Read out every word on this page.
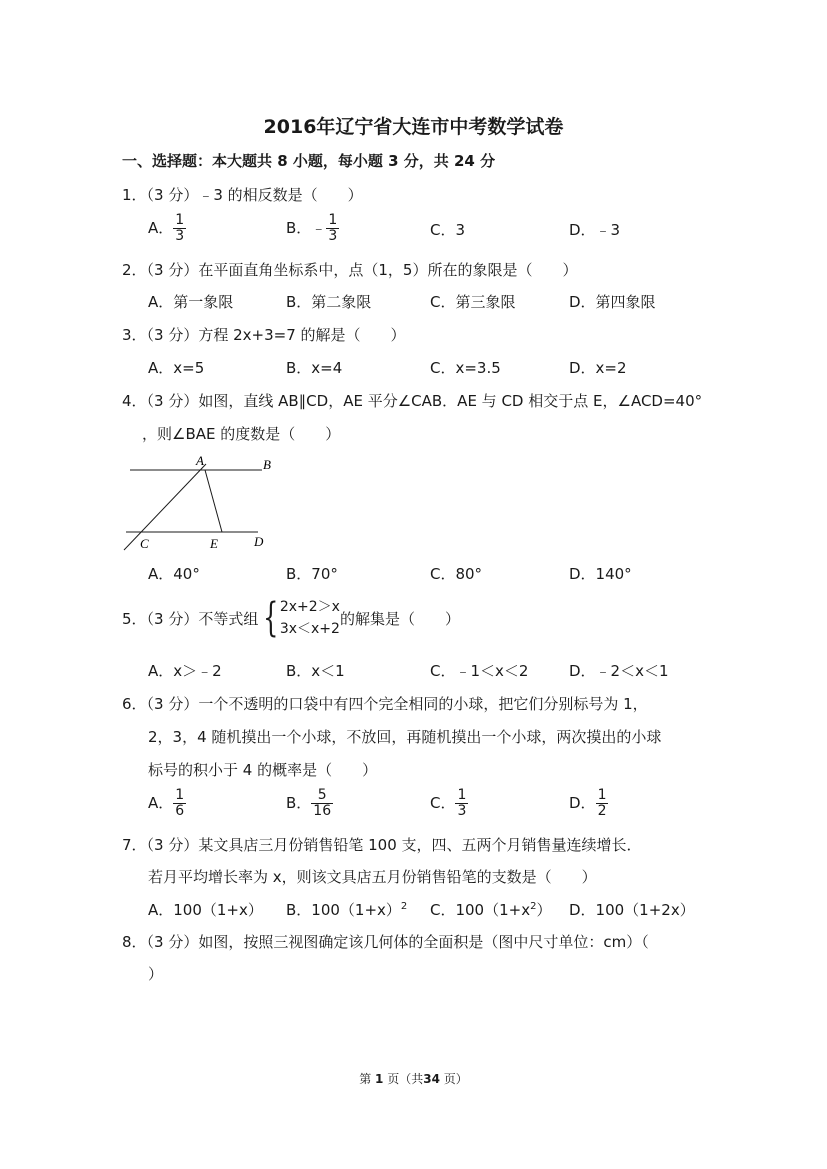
2016年辽宁省大连市中考数学试卷
一、选择题：本大题共 8 小题，每小题 3 分，共 24 分
1．（3 分）﹣3 的相反数是（　　）
A． $\frac{1}{3}$	B．﹣ $\frac{1}{3}$	C．3	D．﹣3
2．（3 分）在平面直角坐标系中，点（1，5）所在的象限是（　　）
A．第一象限	B．第二象限	C．第三象限	D．第四象限
3．（3 分）方程 2x+3=7 的解是（　　）
A．x=5	B．x=4	C．x=3.5	D．x=2
4．（3 分）如图，直线 AB∥CD，AE 平分∠CAB．AE 与 CD 相交于点 E，∠ACD=40°
，则∠BAE 的度数是（　　）
A	B
C	E	D
A．40°	B．70°	C．80°	D．140°
5．（3 分）不等式组 { 2x+2＞x
3x＜x+2
的解集是（　　）
A．x＞﹣2	B．x＜1	C．﹣1＜x＜2	D．﹣2＜x＜1
6．（3 分）一个不透明的口袋中有四个完全相同的小球，把它们分别标号为 1，
2，3，4 随机摸出一个小球，不放回，再随机摸出一个小球，两次摸出的小球
标号的积小于 4 的概率是（　　）
A． $\frac{1}{6}$	B． $\frac{5}{16}$	C． $\frac{1}{3}$	D． $\frac{1}{2}$
7．（3 分）某文具店三月份销售铅笔 100 支，四、五两个月销售量连续增长．
若月平均增长率为 x，则该文具店五月份销售铅笔的支数是（　　）
A．100（1+x） B．$100(1+x)^2$ C．$100(1+x^2)$ D．100（1+2x）
8．（3 分）如图，按照三视图确定该几何体的全面积是（图中尺寸单位：cm）（
）
第 1 页（共34 页）
